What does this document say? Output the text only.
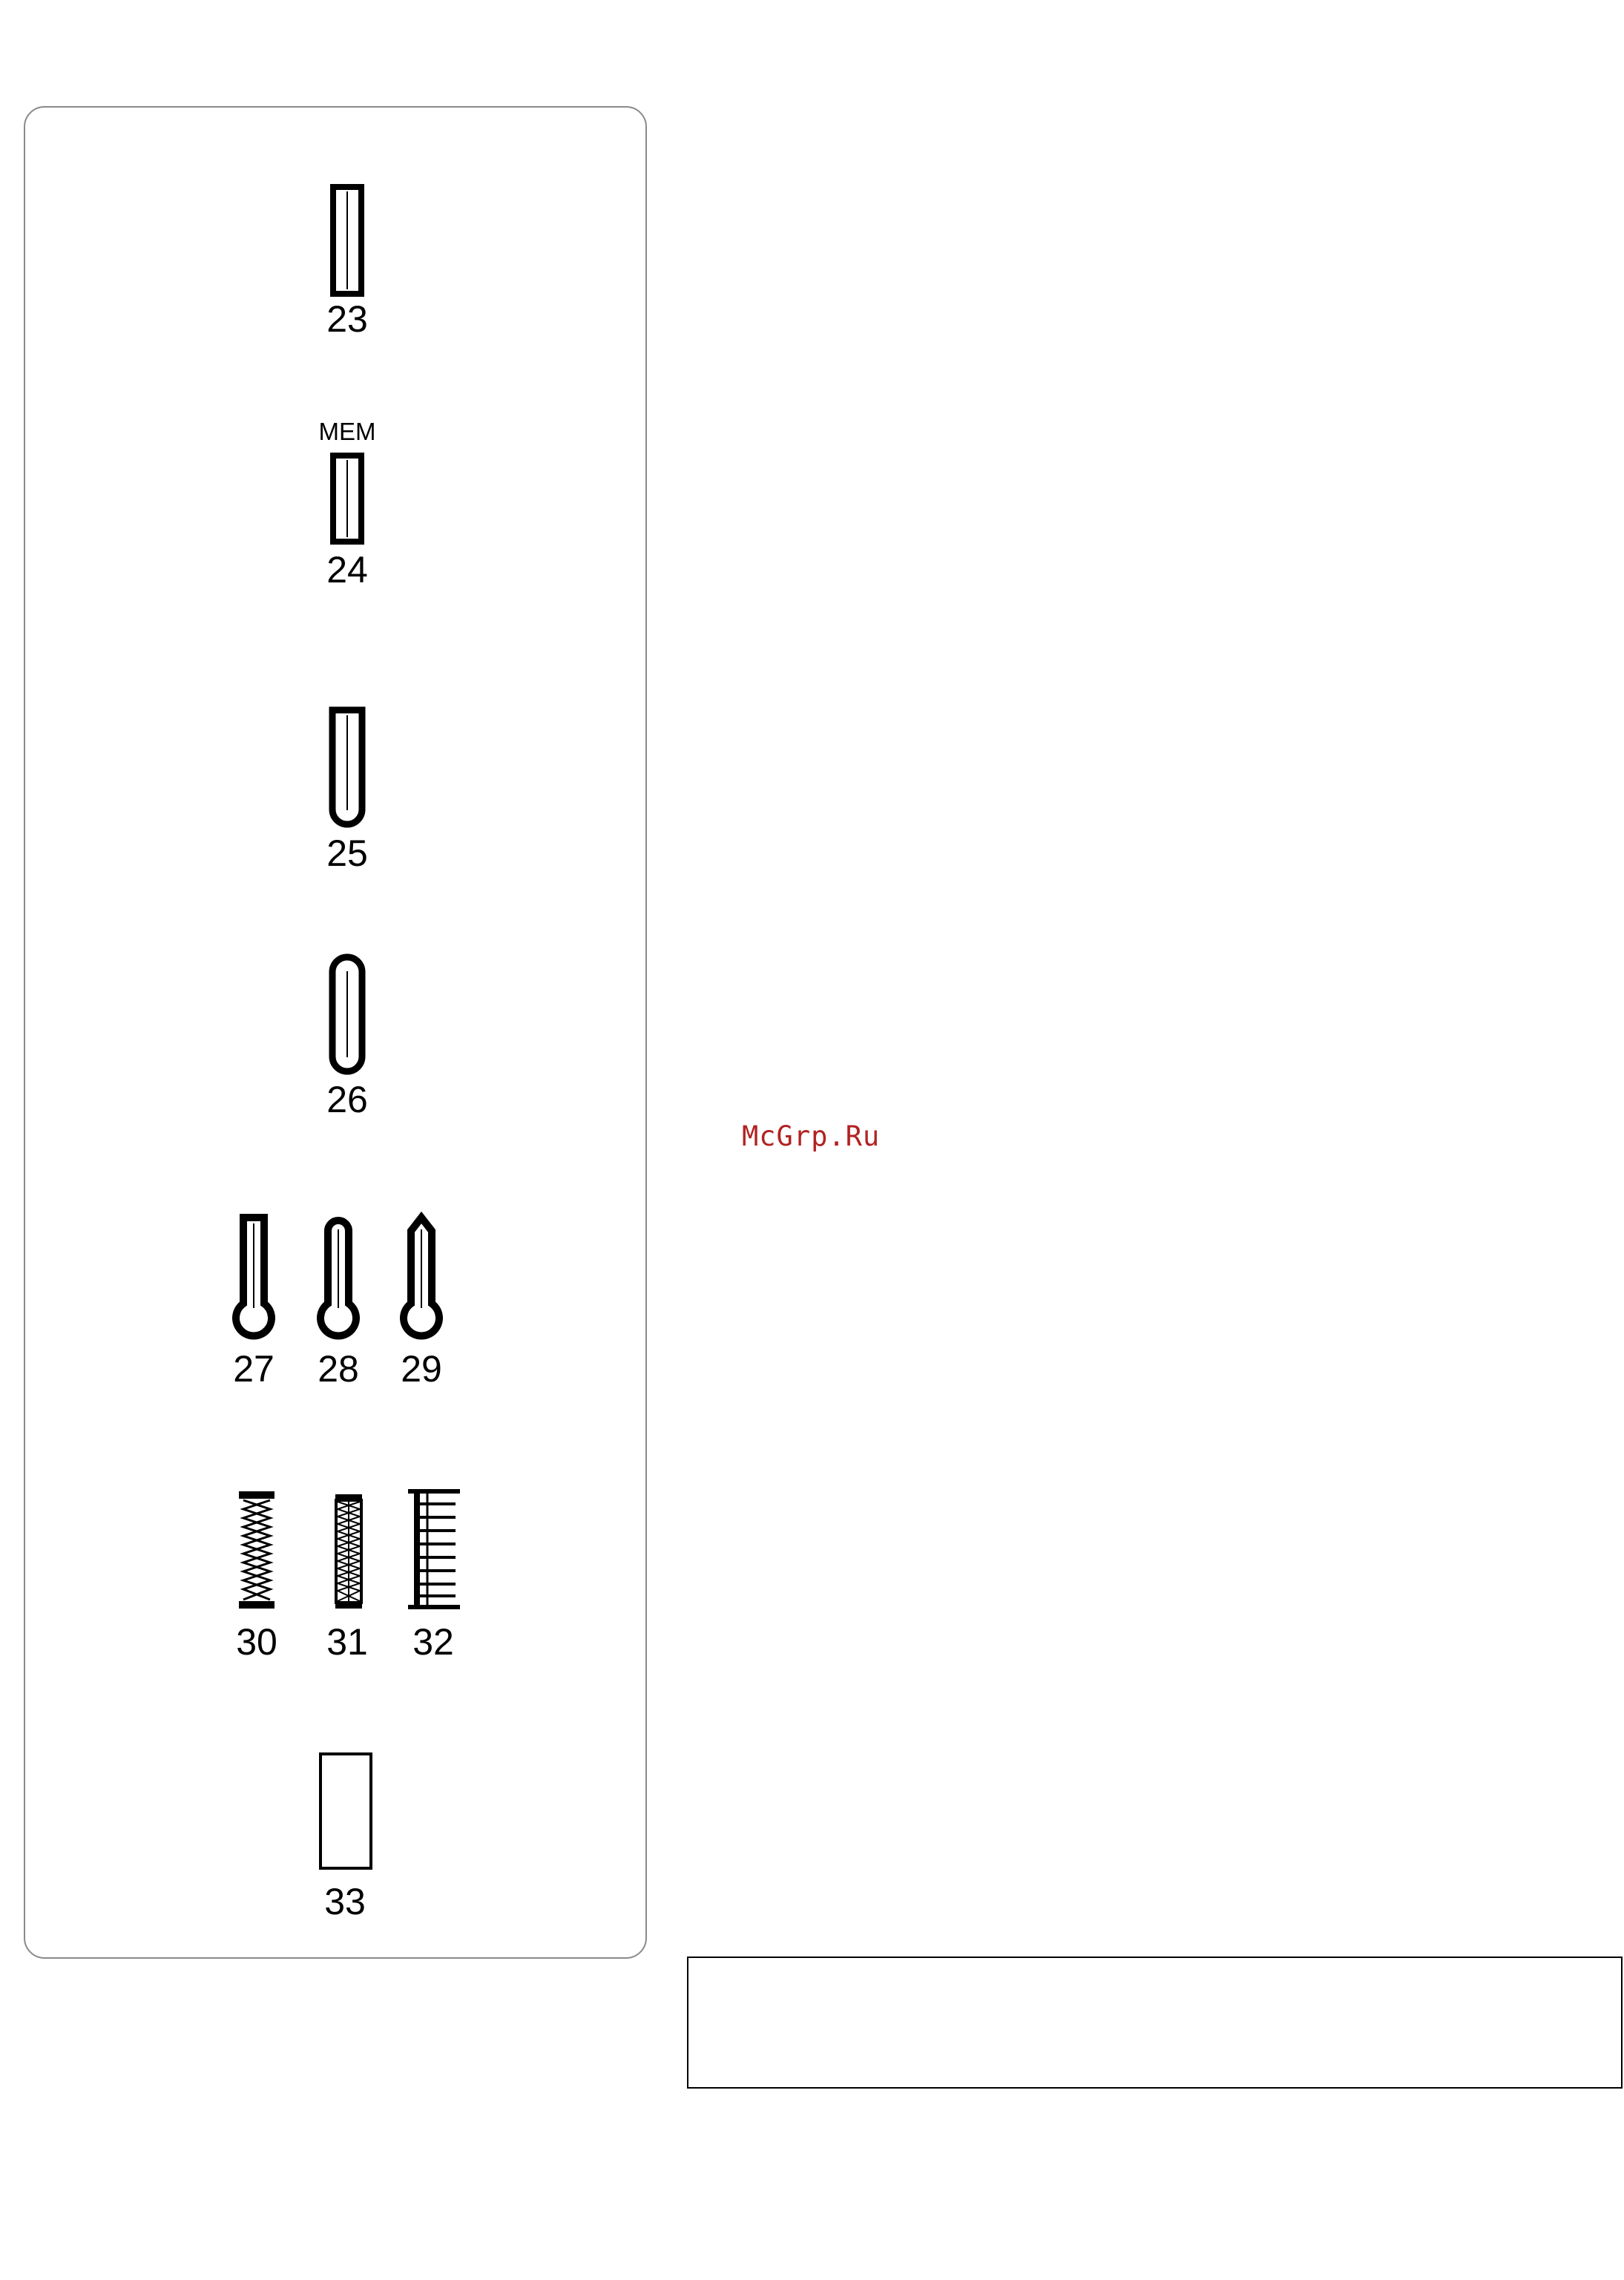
23
MEM
24
25
26
27 28 29
30 31 32
33
McGrp.Ru
